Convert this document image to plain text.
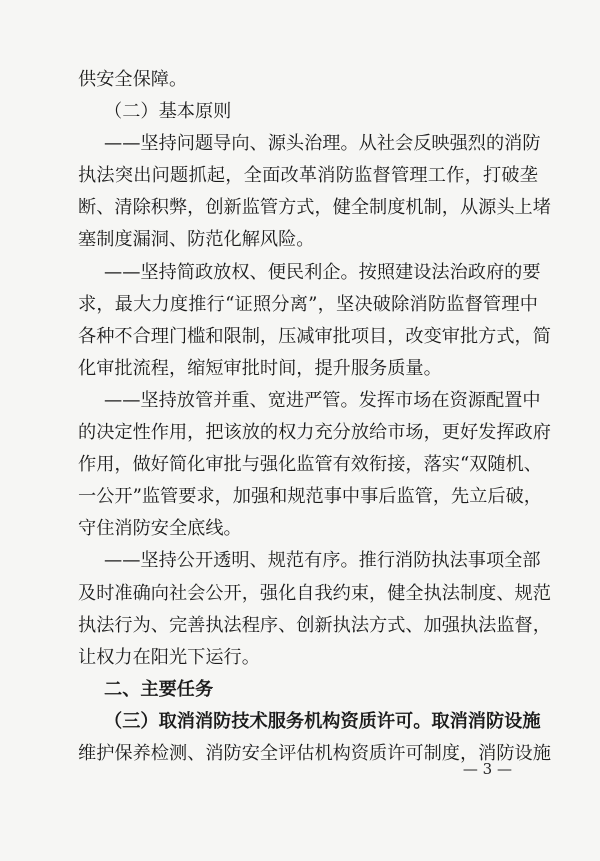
供安全保障。
（二）基本原则
——坚持问题导向、源头治理。从社会反映强烈的消防
执法突出问题抓起，全面改革消防监督管理工作，打破垄
断、清除积弊，创新监管方式，健全制度机制，从源头上堵
塞制度漏洞、防范化解风险。
——坚持简政放权、便民利企。按照建设法治政府的要
求，最大力度推行“证照分离”，坚决破除消防监督管理中
各种不合理门槛和限制，压减审批项目，改变审批方式，简
化审批流程，缩短审批时间，提升服务质量。
——坚持放管并重、宽进严管。发挥市场在资源配置中
的决定性作用，把该放的权力充分放给市场，更好发挥政府
作用，做好简化审批与强化监管有效衔接，落实“双随机、
一公开”监管要求，加强和规范事中事后监管，先立后破，
守住消防安全底线。
——坚持公开透明、规范有序。推行消防执法事项全部
及时准确向社会公开，强化自我约束，健全执法制度、规范
执法行为、完善执法程序、创新执法方式、加强执法监督，
让权力在阳光下运行。
二、主要任务
（三）取消消防技术服务机构资质许可。取消消防设施
维护保养检测、消防安全评估机构资质许可制度，消防设施
— 3 —
